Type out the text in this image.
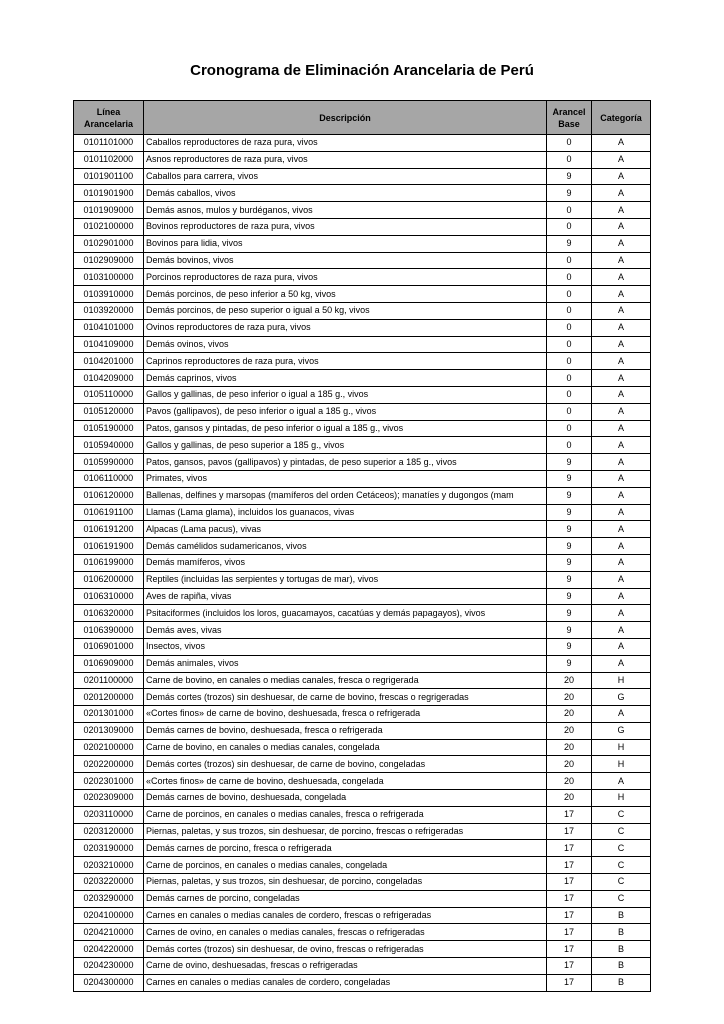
Cronograma de Eliminación Arancelaria de Perú
Línea Arancelaria	Descripción	Arancel Base	Categoría
0101101000	Caballos reproductores de raza pura, vivos	0	A
0101102000	Asnos reproductores de raza pura, vivos	0	A
0101901100	Caballos para carrera, vivos	9	A
0101901900	Demás caballos, vivos	9	A
0101909000	Demás asnos, mulos y burdéganos, vivos	0	A
0102100000	Bovinos reproductores de raza pura, vivos	0	A
0102901000	Bovinos para lidia, vivos	9	A
0102909000	Demás bovinos, vivos	0	A
0103100000	Porcinos reproductores de raza pura, vivos	0	A
0103910000	Demás porcinos, de peso inferior a 50 kg, vivos	0	A
0103920000	Demás porcinos, de peso superior o igual a 50 kg, vivos	0	A
0104101000	Ovinos reproductores de raza pura, vivos	0	A
0104109000	Demás ovinos, vivos	0	A
0104201000	Caprinos reproductores de raza pura, vivos	0	A
0104209000	Demás caprinos, vivos	0	A
0105110000	Gallos y gallinas, de peso inferior o igual a 185 g., vivos	0	A
0105120000	Pavos (gallipavos), de peso inferior o igual a 185 g., vivos	0	A
0105190000	Patos, gansos y pintadas, de peso inferior o igual a 185 g., vivos	0	A
0105940000	Gallos y gallinas, de peso superior a 185 g., vivos	0	A
0105990000	Patos, gansos, pavos (gallipavos) y pintadas, de peso superior a 185 g., vivos	9	A
0106110000	Primates, vivos	9	A
0106120000	Ballenas, delfines y marsopas (mamíferos del orden Cetáceos); manatíes y dugongos (mam	9	A
0106191100	Llamas (Lama glama), incluidos los guanacos, vivas	9	A
0106191200	Alpacas (Lama pacus), vivas	9	A
0106191900	Demás camélidos sudamericanos, vivos	9	A
0106199000	Demás mamíferos, vivos	9	A
0106200000	Reptiles (incluidas las serpientes y tortugas de mar), vivos	9	A
0106310000	Aves de rapiña, vivas	9	A
0106320000	Psitaciformes (incluidos los loros, guacamayos, cacatúas y demás papagayos), vivos	9	A
0106390000	Demás aves, vivas	9	A
0106901000	Insectos, vivos	9	A
0106909000	Demás animales, vivos	9	A
0201100000	Carne de bovino, en canales o medias canales, fresca o regrigerada	20	H
0201200000	Demás cortes (trozos) sin deshuesar, de carne de bovino, frescas o regrigeradas	20	G
0201301000	«Cortes finos» de carne de bovino, deshuesada, fresca o refrigerada	20	A
0201309000	Demás carnes de bovino, deshuesada, fresca o refrigerada	20	G
0202100000	Carne de bovino, en canales o medias canales, congelada	20	H
0202200000	Demás cortes (trozos) sin deshuesar, de carne de bovino, congeladas	20	H
0202301000	«Cortes finos» de carne de bovino, deshuesada, congelada	20	A
0202309000	Demás carnes de bovino, deshuesada, congelada	20	H
0203110000	Carne de porcinos, en canales o medias canales, fresca o refrigerada	17	C
0203120000	Piernas, paletas, y sus trozos, sin deshuesar, de porcino, frescas o refrigeradas	17	C
0203190000	Demás carnes de porcino, fresca o refrigerada	17	C
0203210000	Carne de porcinos, en canales o medias canales, congelada	17	C
0203220000	Piernas, paletas, y sus trozos, sin deshuesar, de porcino, congeladas	17	C
0203290000	Demás carnes de porcino, congeladas	17	C
0204100000	Carnes en canales o medias canales de cordero, frescas o refrigeradas	17	B
0204210000	Carnes de ovino, en canales o medias canales, frescas o refrigeradas	17	B
0204220000	Demás cortes (trozos) sin deshuesar, de ovino, frescas o refrigeradas	17	B
0204230000	Carne de ovino, deshuesadas, frescas o refrigeradas	17	B
0204300000	Carnes en canales o medias canales de cordero, congeladas	17	B
